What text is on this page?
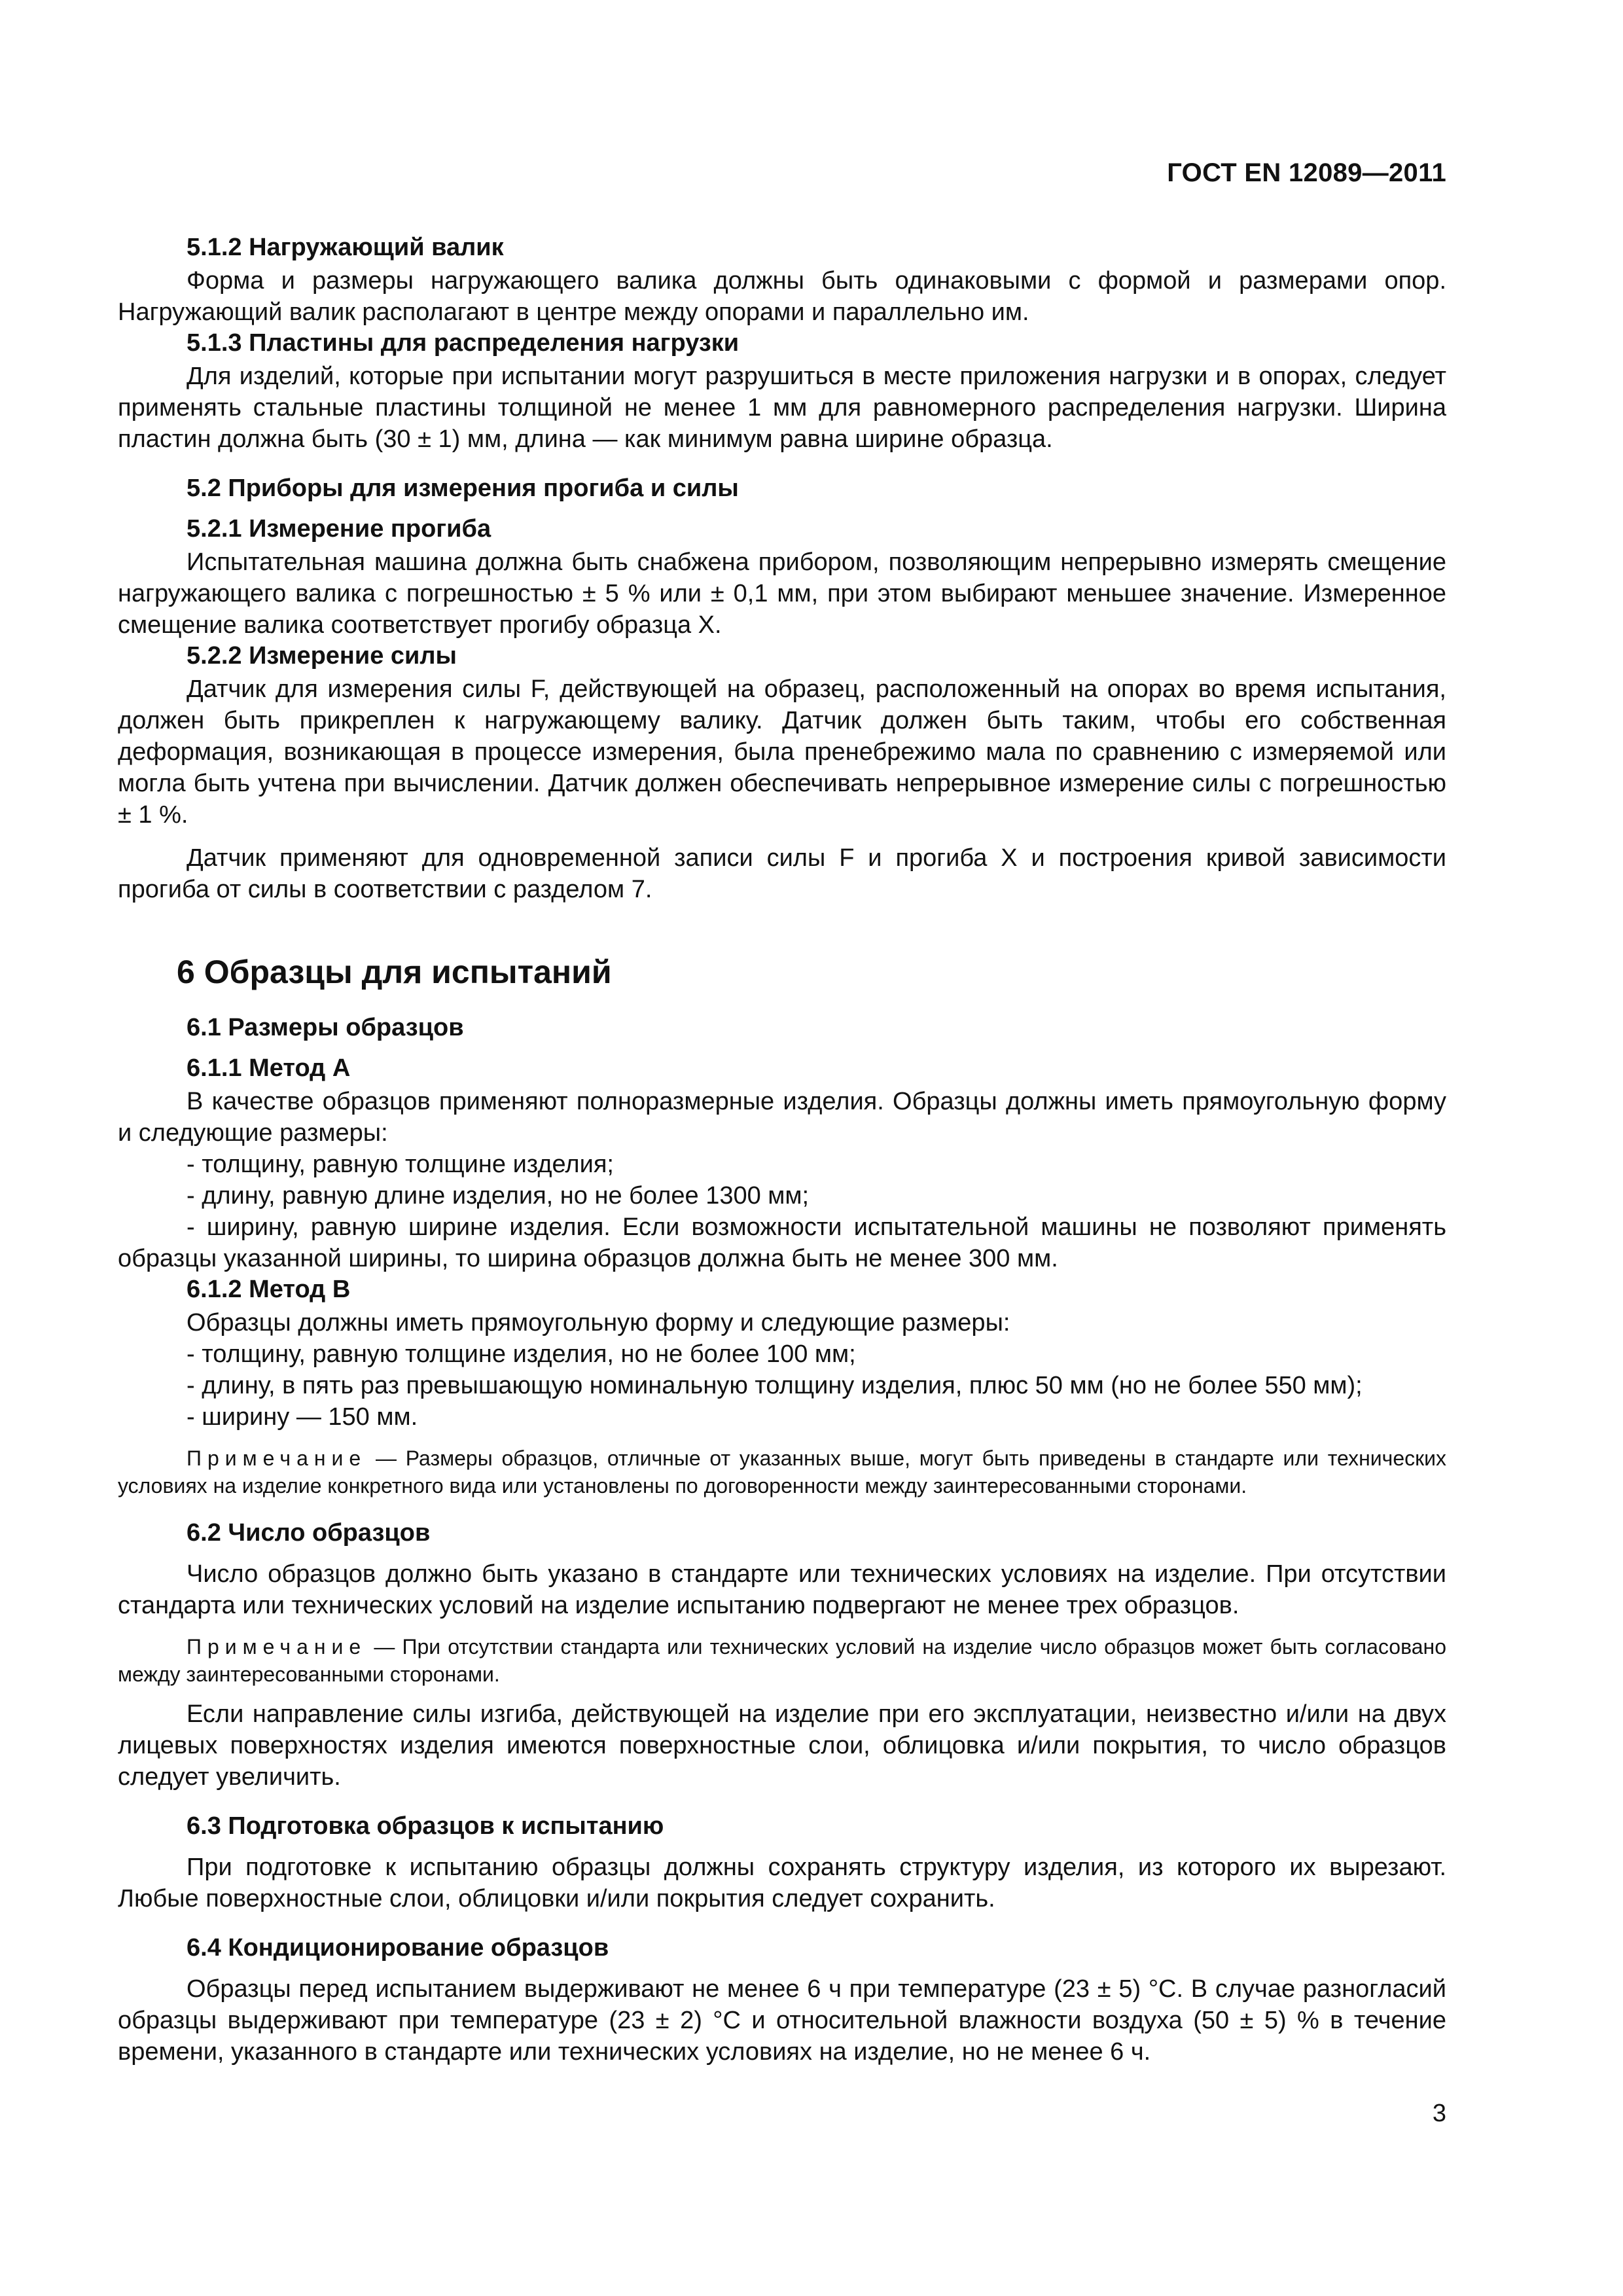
ГОСТ EN 12089—2011
5.1.2 Нагружающий валик

Форма и размеры нагружающего валика должны быть одинаковыми с формой и размерами опор. Нагружающий валик располагают в центре между опорами и параллельно им.

5.1.3 Пластины для распределения нагрузки

Для изделий, которые при испытании могут разрушиться в месте приложения нагрузки и в опорах, следует применять стальные пластины толщиной не менее 1 мм для равномерного распределения нагрузки. Ширина пластин должна быть (30 ± 1) мм, длина — как минимум равна ширине образца.

5.2 Приборы для измерения прогиба и силы
5.2.1 Измерение прогиба

Испытательная машина должна быть снабжена прибором, позволяющим непрерывно измерять смещение нагружающего валика с погрешностью ± 5 % или ± 0,1 мм, при этом выбирают меньшее значение. Измеренное смещение валика соответствует прогибу образца X.

5.2.2 Измерение силы

Датчик для измерения силы F, действующей на образец, расположенный на опорах во время испытания, должен быть прикреплен к нагружающему валику. Датчик должен быть таким, чтобы его собственная деформация, возникающая в процессе измерения, была пренебрежимо мала по сравнению с измеряемой или могла быть учтена при вычислении. Датчик должен обеспечивать непрерывное измерение силы с погрешностью ± 1 %.

Датчик применяют для одновременной записи силы F и прогиба X и построения кривой зависимости прогиба от силы в соответствии с разделом 7.

6 Образцы для испытаний
6.1 Размеры образцов
6.1.1 Метод А

В качестве образцов применяют полноразмерные изделия. Образцы должны иметь прямоугольную форму и следующие размеры:

- толщину, равную толщине изделия;

- длину, равную длине изделия, но не более 1300 мм;

- ширину, равную ширине изделия. Если возможности испытательной машины не позволяют применять образцы указанной ширины, то ширина образцов должна быть не менее 300 мм.

6.1.2 Метод В

Образцы должны иметь прямоугольную форму и следующие размеры:

- толщину, равную толщине изделия, но не более 100 мм;

- длину, в пять раз превышающую номинальную толщину изделия, плюс 50 мм (но не более 550 мм);

- ширину — 150 мм.

Примечание — Размеры образцов, отличные от указанных выше, могут быть приведены в стандарте или технических условиях на изделие конкретного вида или установлены по договоренности между заинтересованными сторонами.

6.2 Число образцов

Число образцов должно быть указано в стандарте или технических условиях на изделие. При отсутствии стандарта или технических условий на изделие испытанию подвергают не менее трех образцов.

Примечание — При отсутствии стандарта или технических условий на изделие число образцов может быть согласовано между заинтересованными сторонами.

Если направление силы изгиба, действующей на изделие при его эксплуатации, неизвестно и/или на двух лицевых поверхностях изделия имеются поверхностные слои, облицовка и/или покрытия, то число образцов следует увеличить.

6.3 Подготовка образцов к испытанию

При подготовке к испытанию образцы должны сохранять структуру изделия, из которого их вырезают. Любые поверхностные слои, облицовки и/или покрытия следует сохранить.

6.4 Кондиционирование образцов

Образцы перед испытанием выдерживают не менее 6 ч при температуре (23 ± 5) °С. В случае разногласий образцы выдерживают при температуре (23 ± 2) °С и относительной влажности воздуха (50 ± 5) % в течение времени, указанного в стандарте или технических условиях на изделие, но не менее 6 ч.

3
